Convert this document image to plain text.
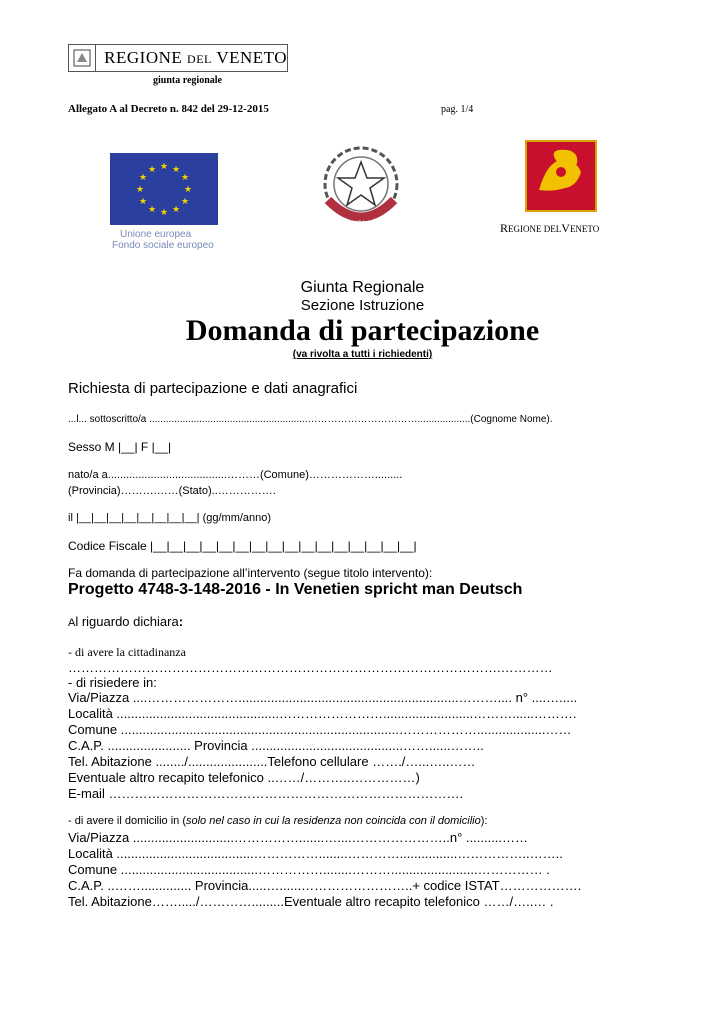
REGIONE DEL VENETO
giunta regionale
Allegato A al Decreto n. 842 del 29-12-2015	pag. 1/4
★ ★
★
★
★
★
★
★
★
★
★
★
Unione europea
Fondo sociale europeo
REPUBBLICA ITALIANA	REGIONE DELVENETO
Giunta Regionale
Sezione Istruzione
Domanda di partecipazione
(va rivolta a tutti i richiedenti)
Richiesta di partecipazione e dati anagrafici
...l... sottoscritto/a .........................................................……………………………...................(Cognome Nome).
Sesso M |__| F |__|
nato/a a.......................................………(Comune)……………….........
(Provincia)……….……(Stato)..…………….
il |__|__|__|__|__|__|__|__| (gg/mm/anno)
Codice Fiscale |__|__|__|__|__|__|__|__|__|__|__|__|__|__|__|__|
Fa domanda di partecipazione all’intervento (segue titolo intervento):
Progetto 4748-3-148-2016 - In Venetien spricht man Deutsch
Al riguardo dichiara:
- di avere la cittadinanza
……………………………………………………………………………………….…………
- di risiedere in:
Via/Piazza ....………………….............................................................……….... n° ....….....
Località .............................................…………………….........................………......……….
Comune .............................................................................………………...................……
C.A.P. ....................... Provincia ..........................................……......……..
Tel. Abitazione ......../......................Telefono cellulare ……./…...…..……
Eventuale altro recapito telefonico ..……/………..……………)
E-mail ……………………………………………………………………….
- di avere il domicilio in (solo nel caso in cui la residenza non coincida con il domicilio):
Via/Piazza ............................…………….......…....…………………..n° ..........……
Località ......................................……………........…………................……………..……..
Comune ......................................……………........………........................…………… .
C.A.P. ..…….............. Provincia.....…......……………………..+ codice ISTAT……………….
Tel. Abitazione……...../………….........Eventuale altro recapito telefonico ……/…..… .
